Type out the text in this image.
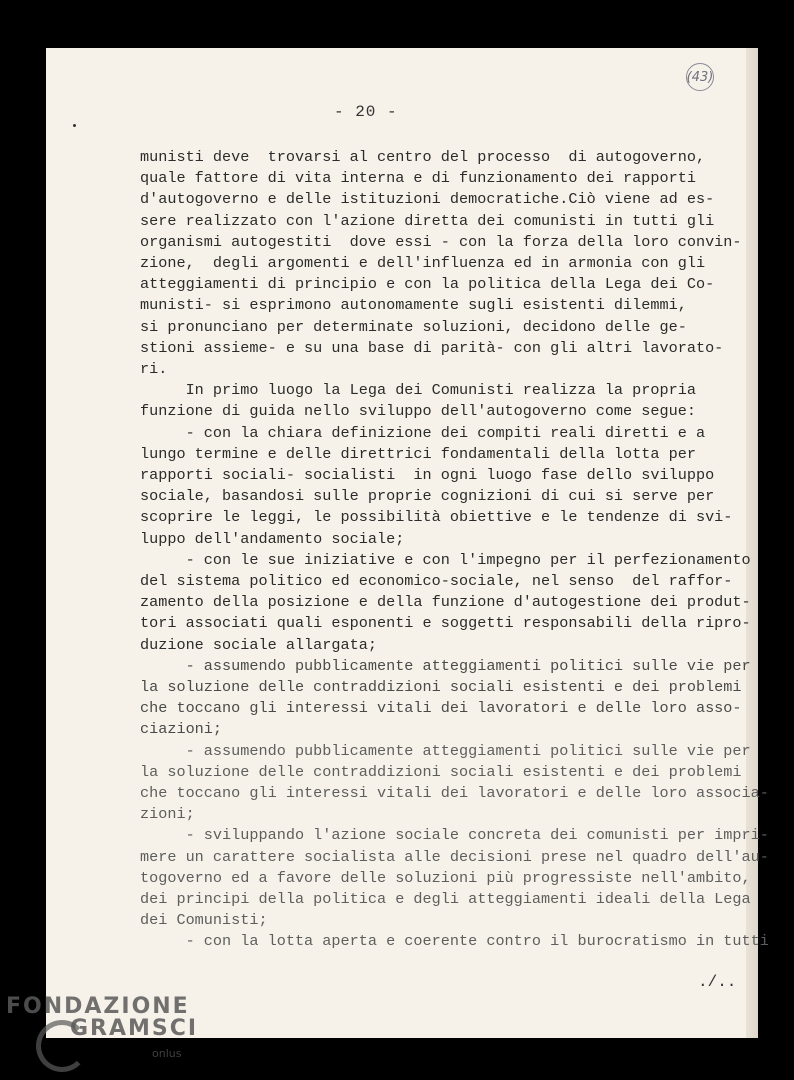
(43)
- 20 -
munisti deve  trovarsi al centro del processo  di autogoverno,
quale fattore di vita interna e di funzionamento dei rapporti
d'autogoverno e delle istituzioni democratiche.Ciò viene ad es-
sere realizzato con l'azione diretta dei comunisti in tutti gli
organismi autogestiti  dove essi - con la forza della loro convin-
zione,  degli argomenti e dell'influenza ed in armonia con gli
atteggiamenti di principio e con la politica della Lega dei Co-
munisti- si esprimono autonomamente sugli esistenti dilemmi,
si pronunciano per determinate soluzioni, decidono delle ge-
stioni assieme- e su una base di parità- con gli altri lavorato-
ri.
In primo luogo la Lega dei Comunisti realizza la propria
funzione di guida nello sviluppo dell'autogoverno come segue:
- con la chiara definizione dei compiti reali diretti e a
lungo termine e delle direttrici fondamentali della lotta per
rapporti sociali- socialisti  in ogni luogo fase dello sviluppo
sociale, basandosi sulle proprie cognizioni di cui si serve per
scoprire le leggi, le possibilità obiettive e le tendenze di svi-
luppo dell'andamento sociale;
- con le sue iniziative e con l'impegno per il perfezionamento
del sistema politico ed economico-sociale, nel senso  del raffor-
zamento della posizione e della funzione d'autogestione dei produt-
tori associati quali esponenti e soggetti responsabili della ripro-
duzione sociale allargata;
- assumendo pubblicamente atteggiamenti politici sulle vie per
la soluzione delle contraddizioni sociali esistenti e dei problemi
che toccano gli interessi vitali dei lavoratori e delle loro asso-
ciazioni;
- assumendo pubblicamente atteggiamenti politici sulle vie per
la soluzione delle contraddizioni sociali esistenti e dei problemi
che toccano gli interessi vitali dei lavoratori e delle loro associa-
zioni;
- sviluppando l'azione sociale concreta dei comunisti per impri-
mere un carattere socialista alle decisioni prese nel quadro dell'au-
togoverno ed a favore delle soluzioni più progressiste nell'ambito,
dei principi della politica e degli atteggiamenti ideali della Lega
dei Comunisti;
- con la lotta aperta e coerente contro il burocratismo in tutti
./..
FONDAZIONE
GRAMSCI
onlus
